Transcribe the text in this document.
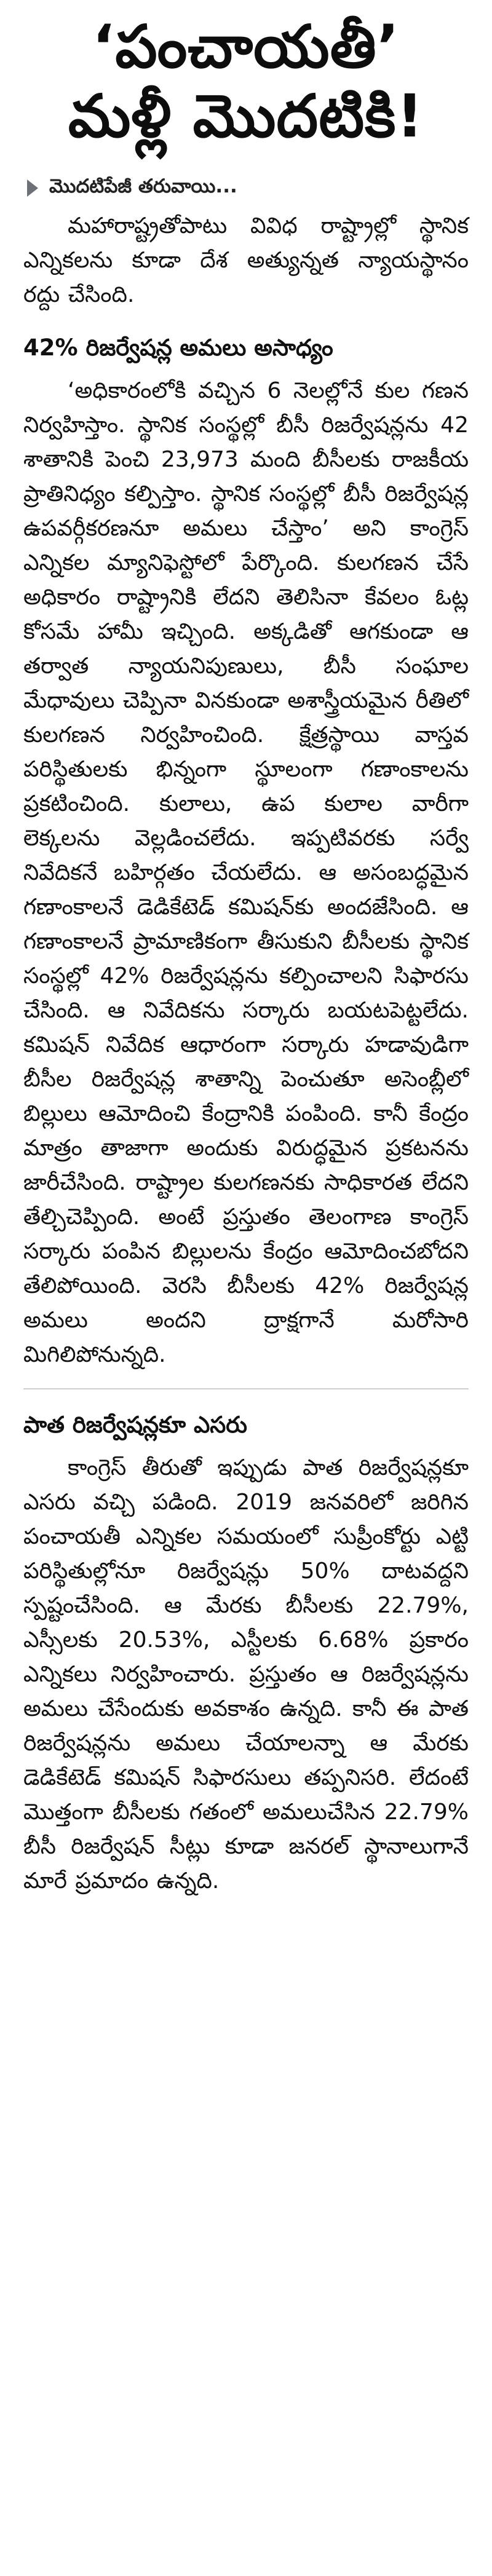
‘పంచాయతీ’
మళ్లీ మొదటికి!
మొదటిపేజీ తరువాయి...

మహారాష్ట్రతోపాటు వివిధ రాష్ట్రాల్లో స్థానిక ఎన్నికలను కూడా దేశ అత్యున్నత న్యాయస్థానం రద్దు చేసింది.

42% రిజర్వేషన్ల అమలు అసాధ్యం

‘అధికారంలోకి వచ్చిన 6 నెలల్లోనే కుల గణన నిర్వహిస్తాం. స్థానిక సంస్థల్లో బీసీ రిజర్వేషన్లను 42 శాతానికి పెంచి 23,973 మంది బీసీలకు రాజకీయ ప్రాతినిధ్యం కల్పిస్తాం. స్థానిక సంస్థల్లో బీసీ రిజర్వేషన్ల ఉపవర్గీకరణనూ అమలు చేస్తాం’ అని కాంగ్రెస్ ఎన్నికల మ్యానిఫెస్టోలో పేర్కొంది. కులగణన చేసే అధికారం రాష్ట్రానికి లేదని తెలిసినా కేవలం ఓట్ల కోసమే హామీ ఇచ్చింది. అక్కడితో ఆగకుండా ఆ తర్వాత న్యాయనిపుణులు, బీసీ సంఘాల మేధావులు చెప్పినా వినకుండా అశాస్త్రీయమైన రీతిలో కులగణన నిర్వహించింది. క్షేత్రస్థాయి వాస్తవ పరిస్థితులకు భిన్నంగా స్థూలంగా గణాంకాలను ప్రకటించింది. కులాలు, ఉప కులాల వారీగా లెక్కలను వెల్లడించలేదు. ఇప్పటివరకు సర్వే నివేదికనే బహిర్గతం చేయలేదు. ఆ అసంబద్ధమైన గణాంకాలనే డెడికేటెడ్ కమిషన్‌కు అందజేసింది. ఆ గణాంకాలనే ప్రామాణికంగా తీసుకుని బీసీలకు స్థానిక సంస్థల్లో 42% రిజర్వేషన్లను కల్పించాలని సిఫారసు చేసింది. ఆ నివేదికను సర్కారు బయటపెట్టలేదు. కమిషన్ నివేదిక ఆధారంగా సర్కారు హడావుడిగా బీసీల రిజర్వేషన్ల శాతాన్ని పెంచుతూ అసెంబ్లీలో బిల్లులు ఆమోదించి కేంద్రానికి పంపింది. కానీ కేంద్రం మాత్రం తాజాగా అందుకు విరుద్ధమైన ప్రకటనను జారీచేసింది. రాష్ట్రాల కులగణనకు సాధికారత లేదని తేల్చిచెప్పింది. అంటే ప్రస్తుతం తెలంగాణ కాంగ్రెస్ సర్కారు పంపిన బిల్లులను కేంద్రం ఆమోదించబోదని తేలిపోయింది. వెరసి బీసీలకు 42% రిజర్వేషన్ల అమలు అందని ద్రాక్షగానే మరోసారి మిగిలిపోనున్నది.

పాత రిజర్వేషన్లకూ ఎసరు

కాంగ్రెస్ తీరుతో ఇప్పుడు పాత రిజర్వేషన్లకూ ఎసరు వచ్చి పడింది. 2019 జనవరిలో జరిగిన పంచాయతీ ఎన్నికల సమయంలో సుప్రీంకోర్టు ఎట్టి పరిస్థితుల్లోనూ రిజర్వేషన్లు 50% దాటవద్దని స్పష్టంచేసింది. ఆ మేరకు బీసీలకు 22.79%, ఎస్సీలకు 20.53%, ఎస్టీలకు 6.68% ప్రకారం ఎన్నికలు నిర్వహించారు. ప్రస్తుతం ఆ రిజర్వేషన్లను అమలు చేసేందుకు అవకాశం ఉన్నది. కానీ ఈ పాత రిజర్వేషన్లను అమలు చేయాలన్నా ఆ మేరకు డెడికేటెడ్ కమిషన్ సిఫారసులు తప్పనిసరి. లేదంటే మొత్తంగా బీసీలకు గతంలో అమలుచేసిన 22.79% బీసీ రిజర్వేషన్ సీట్లు కూడా జనరల్ స్థానాలుగానే మారే ప్రమాదం ఉన్నది.
